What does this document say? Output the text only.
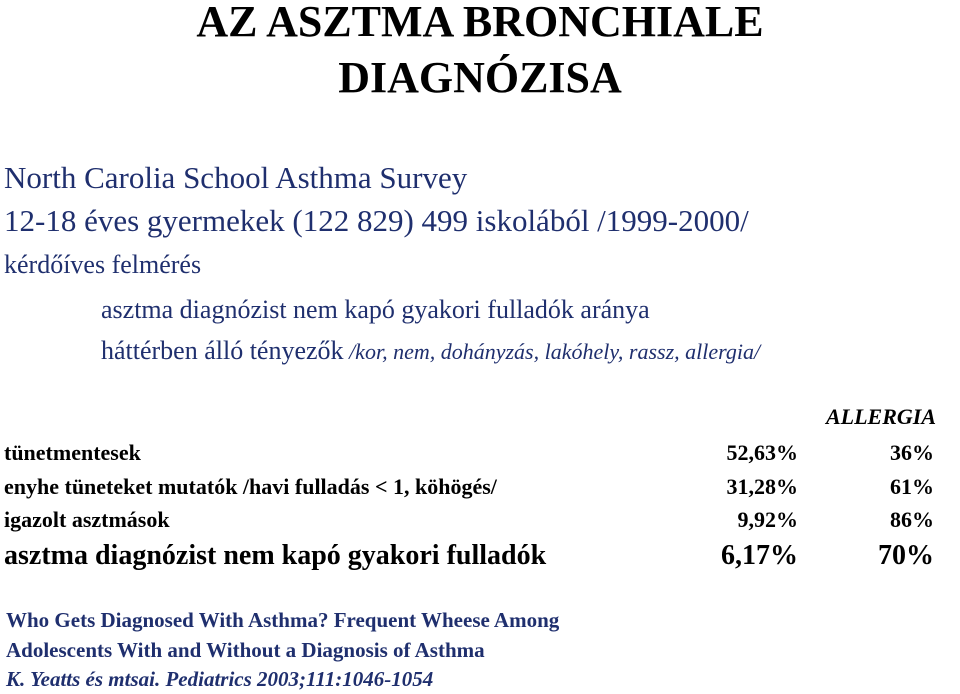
AZ ASZTMA BRONCHIALE
DIAGNÓZISA
North Carolia School Asthma Survey
12-18 éves gyermekek (122 829) 499 iskolából /1999-2000/
kérdőíves felmérés
asztma diagnózist nem kapó gyakori fulladók aránya
háttérben álló tényezők /kor, nem, dohányzás, lakóhely, rassz, allergia/
ALLERGIA
tünetmentesek	52,63%	36%
enyhe tüneteket mutatók /havi fulladás < 1, köhögés/	31,28%	61%
igazolt asztmások	9,92%	86%
asztma diagnózist nem kapó gyakori fulladók	6,17%	70%
Who Gets Diagnosed With Asthma? Frequent Wheese Among
Adolescents With and Without a Diagnosis of Asthma
K. Yeatts és mtsai. Pediatrics 2003;111:1046-1054
